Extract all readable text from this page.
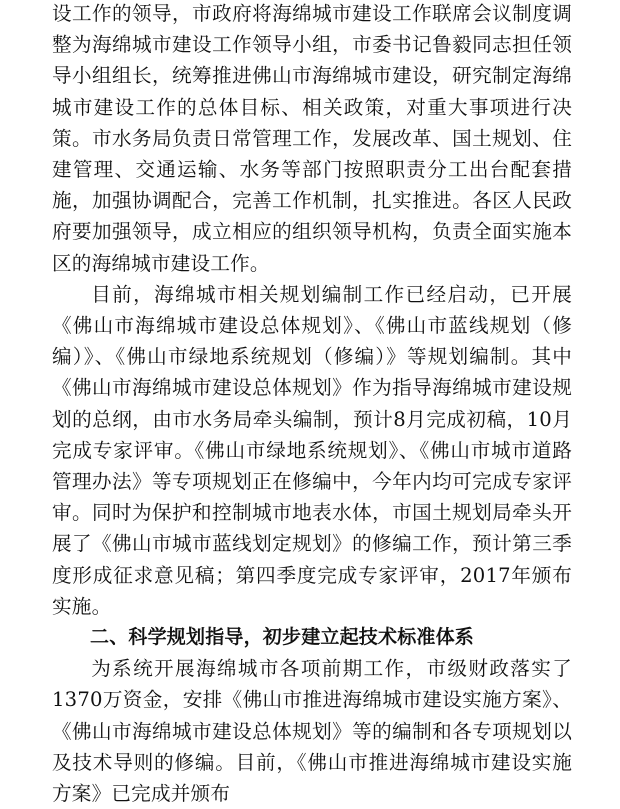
设工作的领导，市政府将海绵城市建设工作联席会议制度调整为海绵城市建设工作领导小组，市委书记鲁毅同志担任领导小组组长，统筹推进佛山市海绵城市建设，研究制定海绵城市建设工作的总体目标、相关政策，对重大事项进行决策。市水务局负责日常管理工作，发展改革、国土规划、住建管理、交通运输、水务等部门按照职责分工出台配套措施，加强协调配合，完善工作机制，扎实推进。各区人民政府要加强领导，成立相应的组织领导机构，负责全面实施本区的海绵城市建设工作。

目前，海绵城市相关规划编制工作已经启动，已开展《佛山市海绵城市建设总体规划》、《佛山市蓝线规划（修编）》、《佛山市绿地系统规划（修编）》等规划编制。其中《佛山市海绵城市建设总体规划》作为指导海绵城市建设规划的总纲，由市水务局牵头编制，预计8月完成初稿，10月完成专家评审。《佛山市绿地系统规划》、《佛山市城市道路管理办法》等专项规划正在修编中，今年内均可完成专家评审。同时为保护和控制城市地表水体，市国土规划局牵头开展了《佛山市城市蓝线划定规划》的修编工作，预计第三季度形成征求意见稿；第四季度完成专家评审，2017年颁布实施。

二、科学规划指导，初步建立起技术标准体系

为系统开展海绵城市各项前期工作，市级财政落实了 1370万资金，安排《佛山市推进海绵城市建设实施方案》、《佛山市海绵城市建设总体规划》等的编制和各专项规划以及技术导则的修编。目前，《佛山市推进海绵城市建设实施方案》已完成并颁布
